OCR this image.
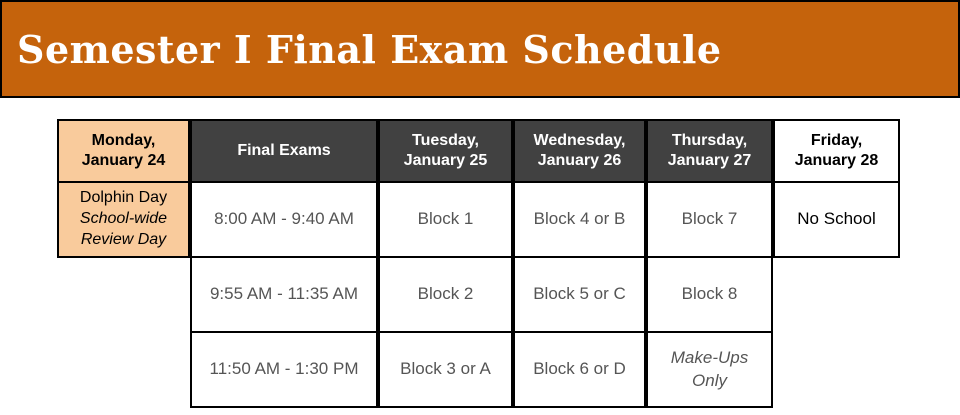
Semester I Final Exam Schedule
Monday, January 24
Dolphin Day
School-wide
Review Day
Final Exams
8:00 AM - 9:40 AM
9:55 AM - 11:35 AM
11:50 AM - 1:30 PM
Tuesday, January 25
Block 1
Block 2
Block 3 or A
Wednesday, January 26
Block 4 or B
Block 5 or C
Block 6 or D
Thursday, January 27
Block 7
Block 8
Make-Ups Only
Friday, January 28
No School
